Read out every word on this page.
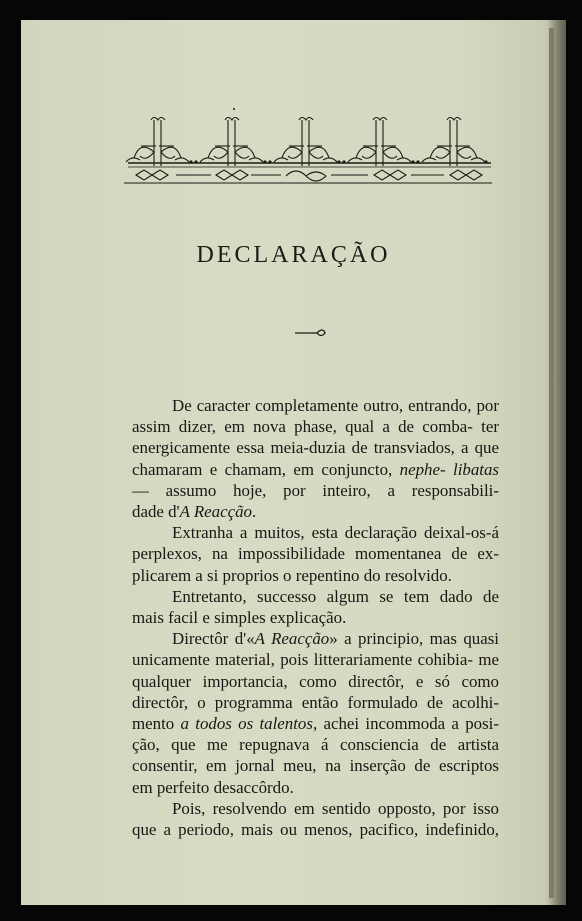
DECLARAÇÃO

De caracter completamente outro, entrando, por assim dizer, em nova phase, qual a de comba- ter energicamente essa meia-duzia de transviados, a que chamaram e chamam, em conjuncto, nephe- libatas — assumo hoje, por inteiro, a responsabili-

dade d'A Reacção.

Extranha a muitos, esta declaração deixal-os-á perplexos, na impossibilidade momentanea de ex-

plicarem a si proprios o repentino do resolvido.

Entretanto, successo algum se tem dado de

mais facil e simples explicação.

Directôr d'«A Reacção» a principio, mas quasi unicamente material, pois litterariamente cohibia- me qualquer importancia, como directôr, e só como directôr, o programma então formulado de acolhi- mento a todos os talentos, achei incommoda a posi- ção, que me repugnava á consciencia de artista consentir, em jornal meu, na inserção de escriptos

em perfeito desaccôrdo.

Pois, resolvendo em sentido opposto, por isso que a periodo, mais ou menos, pacifico, indefinido,
